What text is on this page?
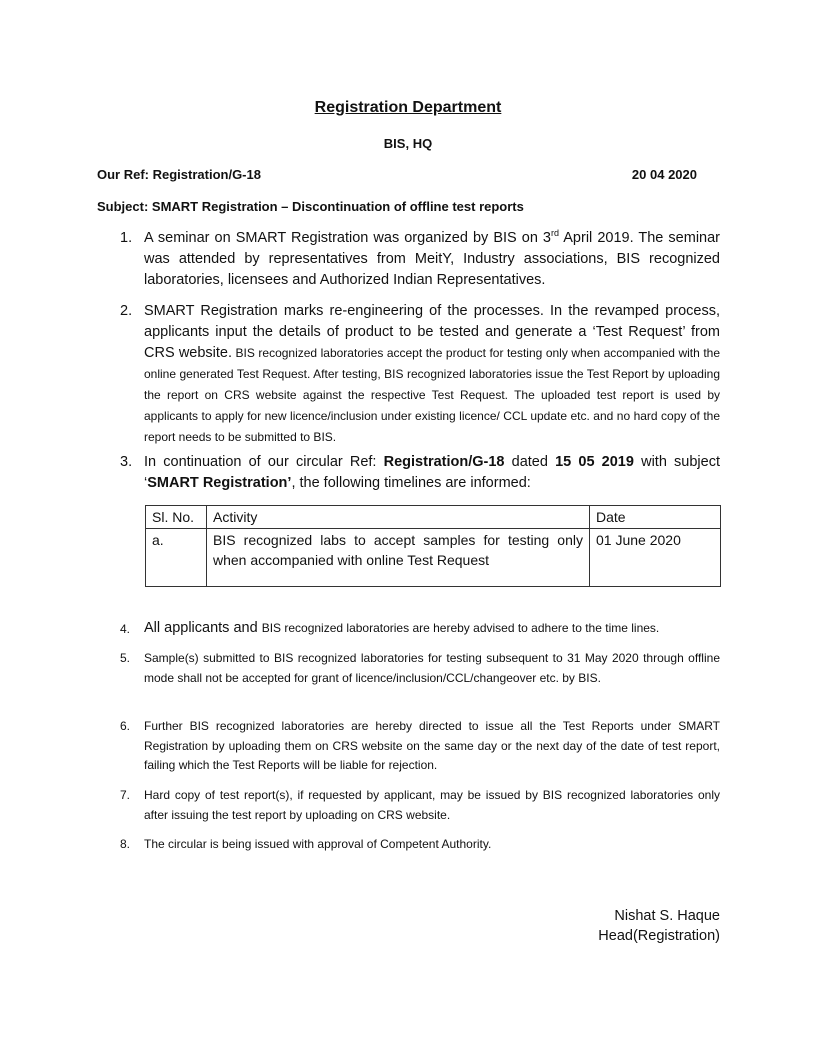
Registration Department
BIS, HQ
Our Ref: Registration/G-18	20 04 2020
Subject: SMART Registration – Discontinuation of offline test reports
1. A seminar on SMART Registration was organized by BIS on 3rd April 2019. The seminar was attended by representatives from MeitY, Industry associations, BIS recognized laboratories, licensees and Authorized Indian Representatives.
2. SMART Registration marks re-engineering of the processes. In the revamped process, applicants input the details of product to be tested and generate a ‘Test Request’ from CRS website. BIS recognized laboratories accept the product for testing only when accompanied with the online generated Test Request. After testing, BIS recognized laboratories issue the Test Report by uploading the report on CRS website against the respective Test Request. The uploaded test report is used by applicants to apply for new licence/inclusion under existing licence/ CCL update etc. and no hard copy of the report needs to be submitted to BIS.
3. In continuation of our circular Ref: Registration/G-18 dated 15 05 2019 with subject ‘SMART Registration’, the following timelines are informed:
Sl. No.	Activity	Date
a.	BIS recognized labs to accept samples for testing only when accompanied with online Test Request	01 June 2020
4. All applicants and BIS recognized laboratories are hereby advised to adhere to the time lines.
5. Sample(s) submitted to BIS recognized laboratories for testing subsequent to 31 May 2020 through offline mode shall not be accepted for grant of licence/inclusion/CCL/changeover etc. by BIS.
6. Further BIS recognized laboratories are hereby directed to issue all the Test Reports under SMART Registration by uploading them on CRS website on the same day or the next day of the date of test report, failing which the Test Reports will be liable for rejection.
7. Hard copy of test report(s), if requested by applicant, may be issued by BIS recognized laboratories only after issuing the test report by uploading on CRS website.
8. The circular is being issued with approval of Competent Authority.
Nishat S. Haque
Head(Registration)
